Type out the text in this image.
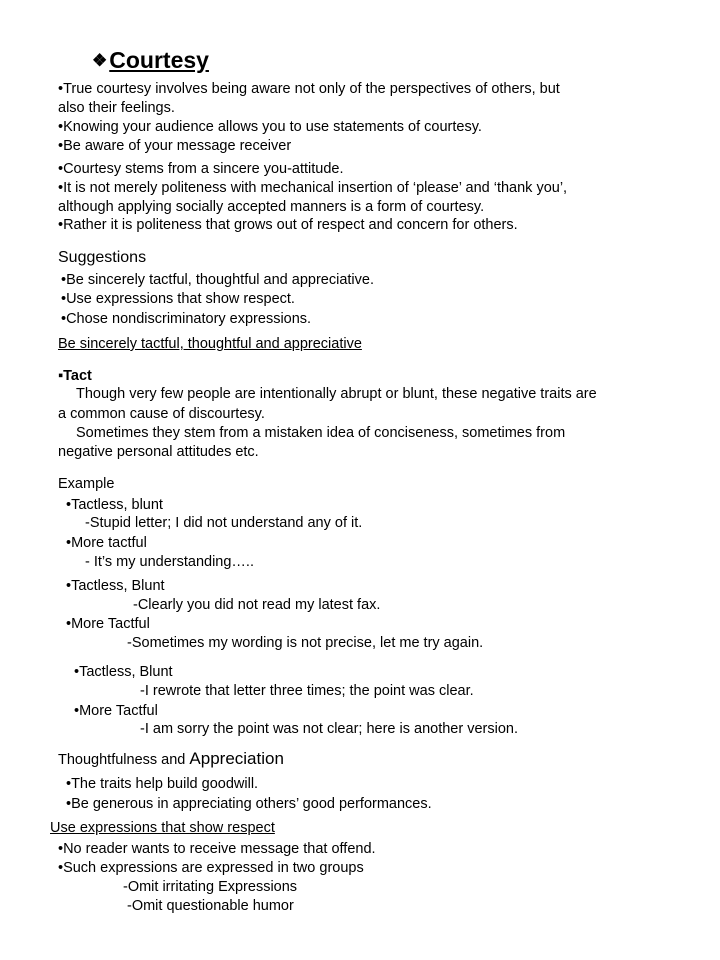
❖Courtesy
•True courtesy involves being aware not only of the perspectives of others, but
also their feelings.
•Knowing your audience allows you to use statements of courtesy.
•Be aware of your message receiver
•Courtesy stems from a sincere you-attitude.
•It is not merely politeness with mechanical insertion of ‘please’ and ‘thank you’,
although applying socially accepted manners is a form of courtesy.
•Rather it is politeness that grows out of respect and concern for others.
Suggestions
•Be sincerely tactful, thoughtful and appreciative.
•Use expressions that show respect.
•Chose nondiscriminatory expressions.
Be sincerely tactful, thoughtful and appreciative
▪Tact
Though very few people are intentionally abrupt or blunt, these negative traits are
a common cause of discourtesy.
Sometimes they stem from a mistaken idea of conciseness, sometimes from
negative personal attitudes etc.
Example
•Tactless, blunt
-Stupid letter; I did not understand any of it.
•More tactful
- It’s my understanding…..
•Tactless, Blunt
-Clearly you did not read my latest fax.
•More Tactful
-Sometimes my wording is not precise, let me try again.
•Tactless, Blunt
-I rewrote that letter three times; the point was clear.
•More Tactful
-I am sorry the point was not clear; here is another version.
Thoughtfulness and Appreciation
•The traits help build goodwill.
•Be generous in appreciating others’ good performances.
Use expressions that show respect
•No reader wants to receive message that offend.
•Such expressions are expressed in two groups
-Omit irritating Expressions
-Omit questionable humor
